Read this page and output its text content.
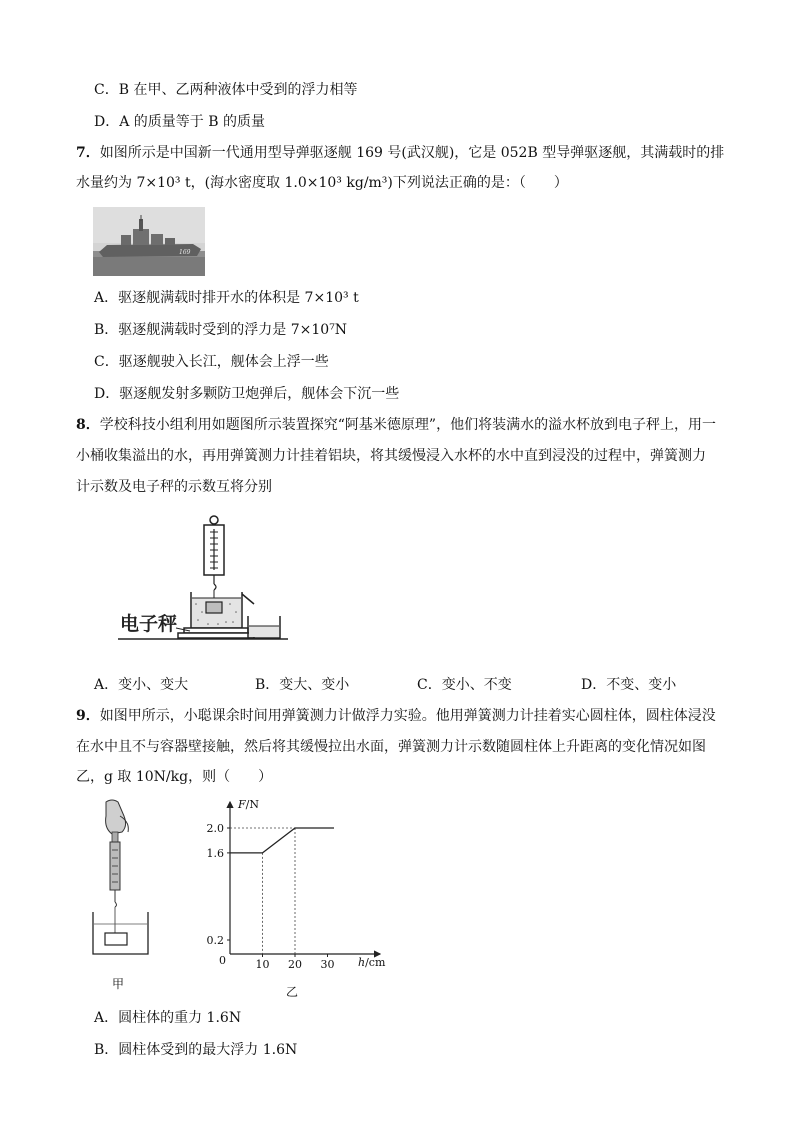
C．B 在甲、乙两种液体中受到的浮力相等
D．A 的质量等于 B 的质量
7．如图所示是中国新一代通用型导弹驱逐舰 169 号(武汉舰)，它是 052B 型导弹驱逐舰，其满载时的排
水量约为 7×10³ t，(海水密度取 1.0×10³ kg/m³)下列说法正确的是：（　　）
169
A．驱逐舰满载时排开水的体积是 7×10³ t
B．驱逐舰满载时受到的浮力是 7×10⁷N
C．驱逐舰驶入长江，舰体会上浮一些
D．驱逐舰发射多颗防卫炮弹后，舰体会下沉一些
8．学校科技小组利用如题图所示装置探究“阿基米德原理”，他们将装满水的溢水杯放到电子秤上，用一
小桶收集溢出的水，再用弹簧测力计挂着铝块，将其缓慢浸入水杯的水中直到浸没的过程中，弹簧测力
计示数及电子秤的示数互将分别
电子秤
A．变小、变大	B．变大、变小	C．变小、不变	D．不变、变小
9．如图甲所示，小聪课余时间用弹簧测力计做浮力实验。他用弹簧测力计挂着实心圆柱体，圆柱体浸没
在水中且不与容器壁接触，然后将其缓慢拉出水面，弹簧测力计示数随圆柱体上升距离的变化情况如图
乙，g 取 10N/kg，则（　　）
甲
0.2
1.6
2.0
10 20 30
F/N
h/cm
0
乙
A．圆柱体的重力 1.6N
B．圆柱体受到的最大浮力 1.6N
